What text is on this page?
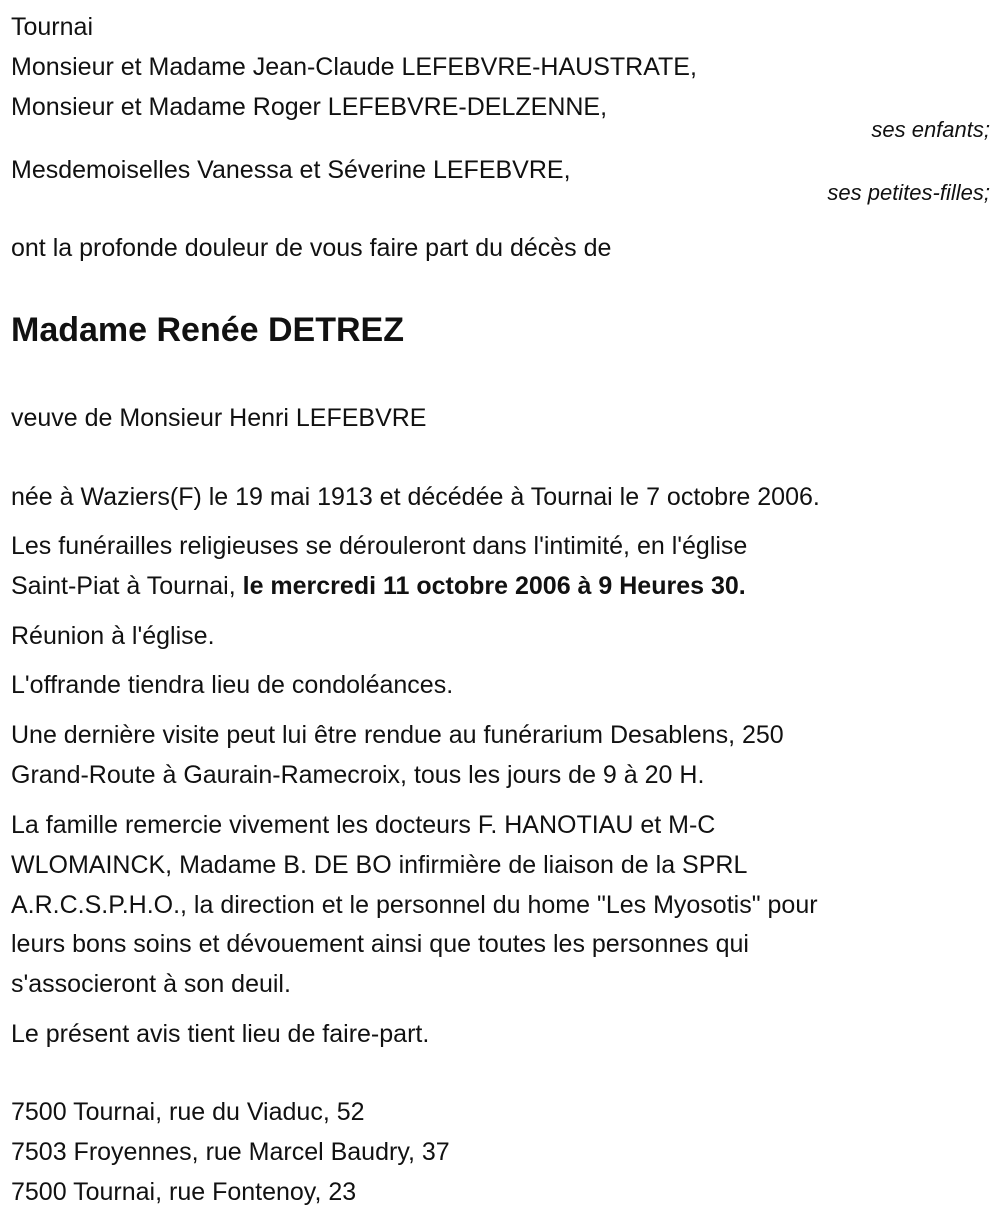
Tournai
Monsieur et Madame Jean-Claude LEFEBVRE-HAUSTRATE,
Monsieur et Madame Roger LEFEBVRE-DELZENNE,
ses enfants;
Mesdemoiselles Vanessa et Séverine LEFEBVRE,
ses petites-filles;
ont la profonde douleur de vous faire part du décès de
Madame Renée DETREZ
veuve de Monsieur Henri LEFEBVRE
née à Waziers(F) le 19 mai 1913 et décédée à Tournai le 7 octobre 2006.
Les funérailles religieuses se dérouleront dans l'intimité, en l'église
Saint-Piat à Tournai, le mercredi 11 octobre 2006 à 9 Heures 30.
Réunion à l'église.
L'offrande tiendra lieu de condoléances.
Une dernière visite peut lui être rendue au funérarium Desablens, 250
Grand-Route à Gaurain-Ramecroix, tous les jours de 9 à 20 H.
La famille remercie vivement les docteurs F. HANOTIAU et M-C
WLOMAINCK, Madame B. DE BO infirmière de liaison de la SPRL
A.R.C.S.P.H.O., la direction et le personnel du home "Les Myosotis" pour
leurs bons soins et dévouement ainsi que toutes les personnes qui
s'associeront à son deuil.
Le présent avis tient lieu de faire-part.
7500 Tournai, rue du Viaduc, 52
7503 Froyennes, rue Marcel Baudry, 37
7500 Tournai, rue Fontenoy, 23
